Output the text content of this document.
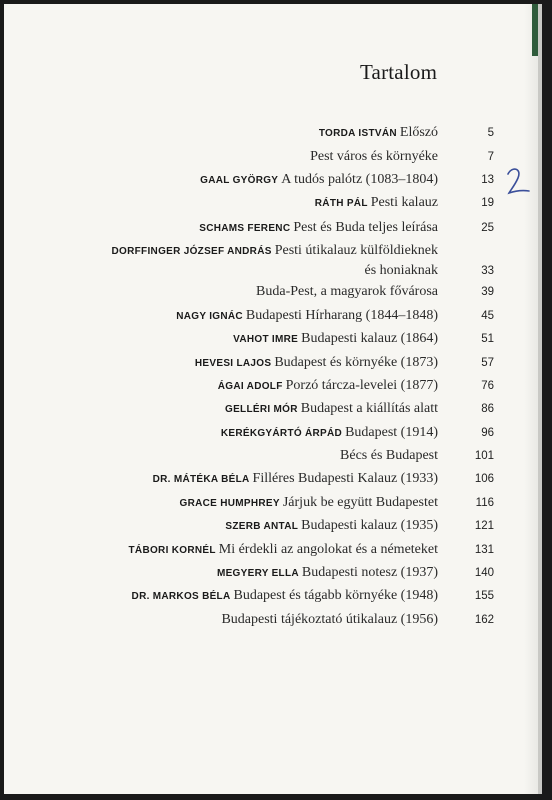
Tartalom
TORDA ISTVÁN Előszó	5
Pest város és környéke	7
GAAL GYÖRGY A tudós palótz (1083–1804)	13
RÁTH PÁL Pesti kalauz	19
SCHAMS FERENC Pest és Buda teljes leírása	25
DORFFINGER JÓZSEF ANDRÁS Pesti útikalauz külföldieknek
és honiaknak	33
Buda-Pest, a magyarok fővárosa	39
NAGY IGNÁC Budapesti Hírharang (1844–1848)	45
VAHOT IMRE Budapesti kalauz (1864)	51
HEVESI LAJOS Budapest és környéke (1873)	57
ÁGAI ADOLF Porzó tárcza-levelei (1877)	76
GELLÉRI MÓR Budapest a kiállítás alatt	86
KERÉKGYÁRTÓ ÁRPÁD Budapest (1914)	96
Bécs és Budapest	101
DR. MÁTÉKA BÉLA Filléres Budapesti Kalauz (1933)	106
GRACE HUMPHREY Járjuk be együtt Budapestet	116
SZERB ANTAL Budapesti kalauz (1935)	121
TÁBORI KORNÉL Mi érdekli az angolokat és a németeket	131
MEGYERY ELLA Budapesti notesz (1937)	140
DR. MARKOS BÉLA Budapest és tágabb környéke (1948)	155
Budapesti tájékoztató útikalauz (1956)	162
